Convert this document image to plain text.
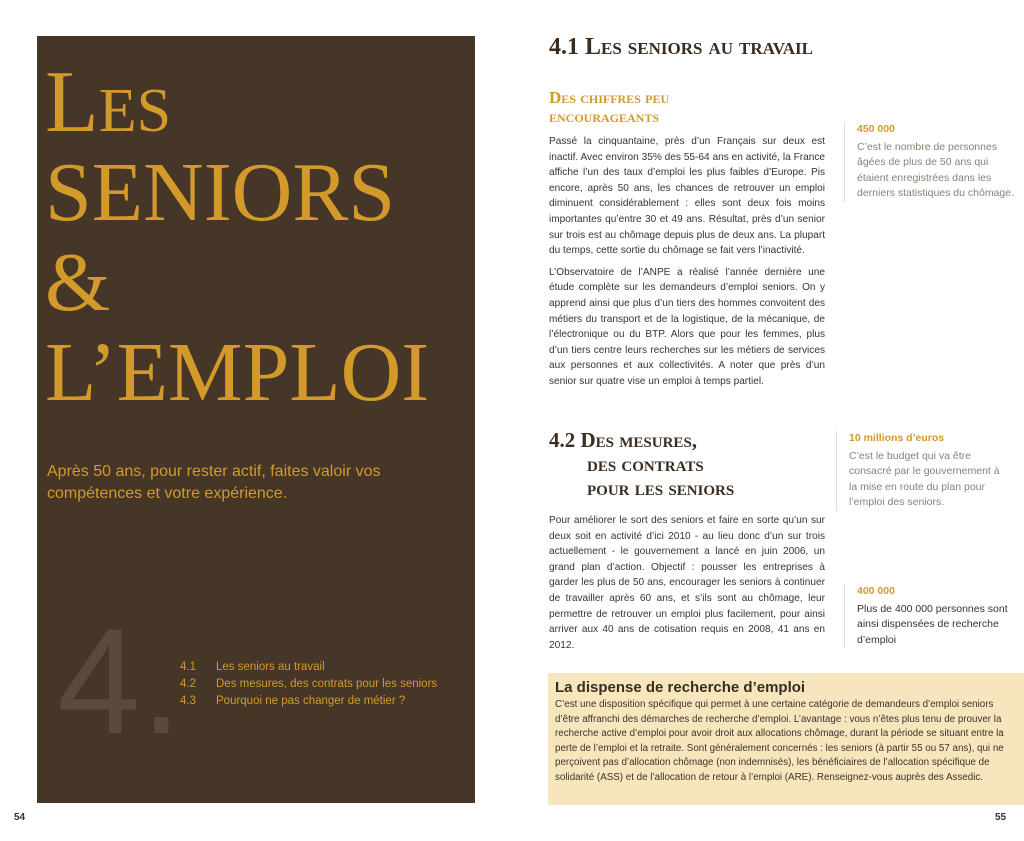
Les
SENIORS
&
L’EMPLOI
Après 50 ans, pour rester actif, faites valoir vos compétences et votre expérience.
4.
4.1	Les seniors au travail
4.2	Des mesures, des contrats pour les seniors
4.3	Pourquoi ne pas changer de métier ?
54
4.1 Les seniors au travail
Des chiffres peu encourageants

Passé la cinquantaine, près d’un Français sur deux est inactif. Avec environ 35% des 55-64 ans en activité, la France affiche l’un des taux d’emploi les plus faibles d’Europe. Pis encore, après 50 ans, les chances de retrouver un emploi diminuent considérablement : elles sont deux fois moins importantes qu’entre 30 et 49 ans. Résultat, près d’un senior sur trois est au chômage depuis plus de deux ans. La plupart du temps, cette sortie du chômage se fait vers l’inactivité.

L’Observatoire de l’ANPE a réalisé l’année dernière une étude complète sur les demandeurs d’emploi seniors. On y apprend ainsi que plus d’un tiers des hommes convoitent des métiers du transport et de la logistique, de la mécanique, de l’électronique ou du BTP. Alors que pour les femmes, plus d’un tiers centre leurs recherches sur les métiers de services aux personnes et aux collectivités. A noter que près d’un senior sur quatre vise un emploi à temps partiel.

4.2 Des mesures,
des contrats
pour les seniors

Pour améliorer le sort des seniors et faire en sorte qu’un sur deux soit en activité d’ici 2010 - au lieu donc d’un sur trois actuellement - le gouvernement a lancé en juin 2006, un grand plan d’action. Objectif : pousser les entreprises à garder les plus de 50 ans, encourager les seniors à continuer de travailler après 60 ans, et s’ils sont au chômage, leur permettre de retrouver un emploi plus facilement, pour ainsi arriver aux 40 ans de cotisation requis en 2008, 41 ans en 2012.

450 000
C’est le nombre de personnes âgées de plus de 50 ans qui étaient enregistrées dans les derniers statistiques du chômage.
10 millions d’euros
C’est le budget qui va être consacré par le gouvernement à la mise en route du plan pour l’emploi des seniors.
400 000
Plus de 400 000 personnes sont ainsi dispensées de recherche d’emploi
La dispense de recherche d’emploi
C’est une disposition spécifique qui permet à une certaine catégorie de demandeurs d’emploi seniors d’être affranchi des démarches de recherche d’emploi. L’avantage : vous n’êtes plus tenu de prouver la recherche active d’emploi pour avoir droit aux allocations chômage, durant la période se situant entre la perte de l’emploi et la retraite. Sont généralement concernés : les seniors (à partir 55 ou 57 ans), qui ne perçoivent pas d’allocation chômage (non indemnisés), les bénéficiaires de l’allocation spécifique de solidarité (ASS) et de l’allocation de retour à l’emploi (ARE). Renseignez-vous auprès des Assedic.
55
